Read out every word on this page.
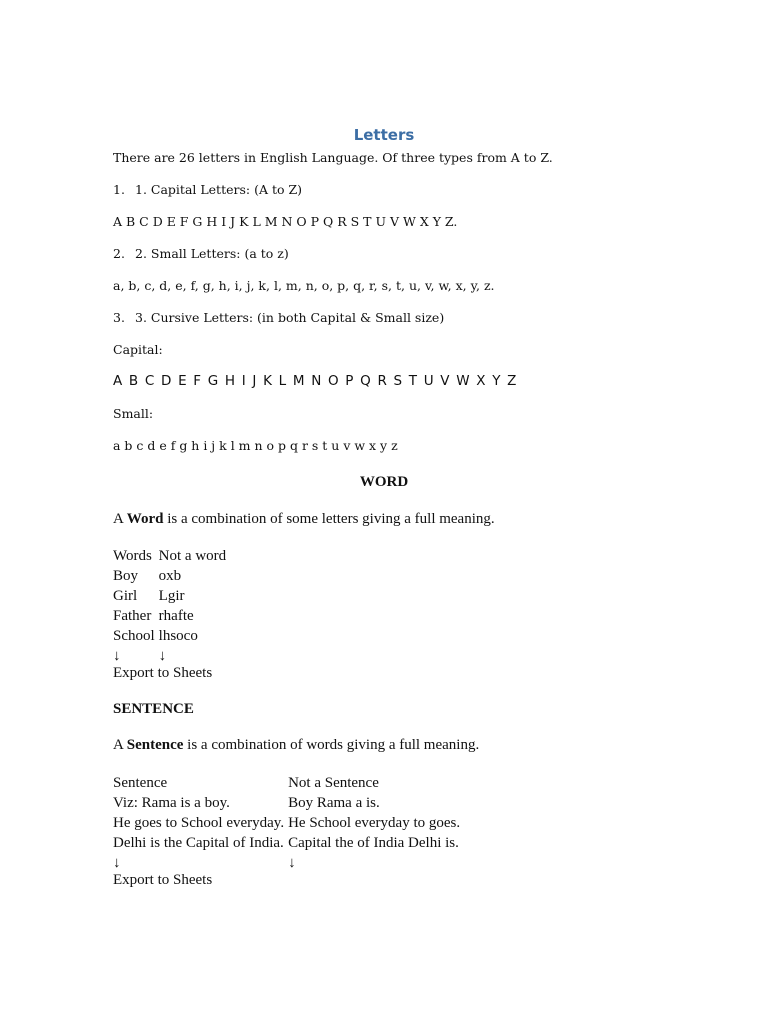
Letters
There are 26 letters in English Language. Of three types from A to Z.
1. 1. Capital Letters: (A to Z)
A B C D E F G H I J K L M N O P Q R S T U V W X Y Z.
2. 2. Small Letters: (a to z)
a, b, c, d, e, f, g, h, i, j, k, l, m, n, o, p, q, r, s, t, u, v, w, x, y, z.
3. 3. Cursive Letters: (in both Capital & Small size)
Capital:
A B C D E F G H I J K L M N O P Q R S T U V W X Y Z
Small:
a b c d e f g h i j k l m n o p q r s t u v w x y z
WORD
A Word is a combination of some letters giving a full meaning.
Words	Not a word
Boy	oxb
Girl	Lgir
Father	rhafte
School	lhsoco
↓	↓
Export to Sheets
SENTENCE
A Sentence is a combination of words giving a full meaning.
Sentence	Not a Sentence
Viz: Rama is a boy.	Boy Rama a is.
He goes to School everyday.	He School everyday to goes.
Delhi is the Capital of India.	Capital the of India Delhi is.
↓	↓
Export to Sheets
